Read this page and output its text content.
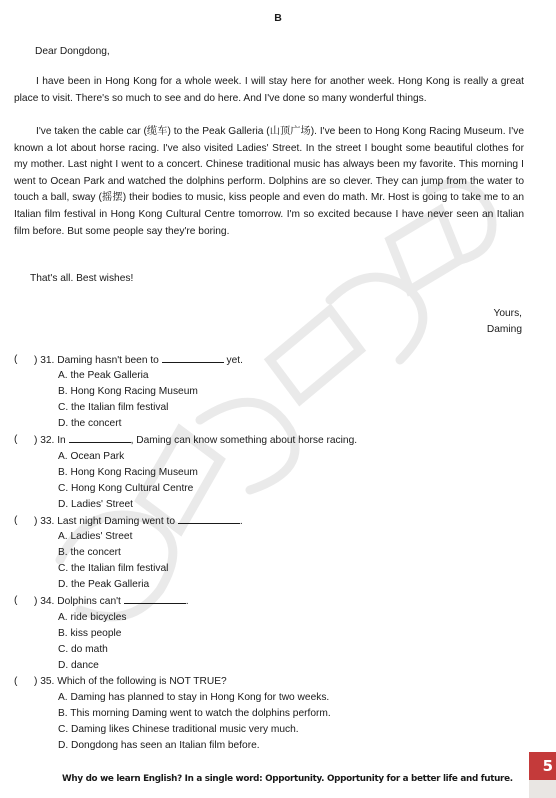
B
Dear Dongdong,
I have been in Hong Kong for a whole week. I will stay here for another week. Hong Kong is really a great place to visit. There's so much to see and do here. And I've done so many wonderful things.
I've taken the cable car (缆车) to the Peak Galleria (山顶广场). I've been to Hong Kong Racing Museum. I've known a lot about horse racing. I've also visited Ladies' Street. In the street I bought some beautiful clothes for my mother. Last night I went to a concert. Chinese traditional music has always been my favorite. This morning I went to Ocean Park and watched the dolphins perform. Dolphins are so clever. They can jump from the water to touch a ball, sway (摇摆) their bodies to music, kiss people and even do math. Mr. Host is going to take me to an Italian film festival in Hong Kong Cultural Centre tomorrow. I'm so excited because I have never seen an Italian film before. But some people say they're boring.
That's all. Best wishes!
Yours,
Daming
( ) 31. Daming hasn't been to	yet.
A. the Peak Galleria
B. Hong Kong Racing Museum
C. the Italian film festival
D. the concert
( ) 32. In	, Daming can know something about horse racing.
A. Ocean Park
B. Hong Kong Racing Museum
C. Hong Kong Cultural Centre
D. Ladies' Street
( ) 33. Last night Daming went to	.
A. Ladies' Street
B. the concert
C. the Italian film festival
D. the Peak Galleria
( ) 34. Dolphins can't	.
A. ride bicycles
B. kiss people
C. do math
D. dance
( ) 35. Which of the following is NOT TRUE?
A. Daming has planned to stay in Hong Kong for two weeks.
B. This morning Daming went to watch the dolphins perform.
C. Daming likes Chinese traditional music very much.
D. Dongdong has seen an Italian film before.
Why do we learn English? In a single word: Opportunity. Opportunity for a better life and future.
5
